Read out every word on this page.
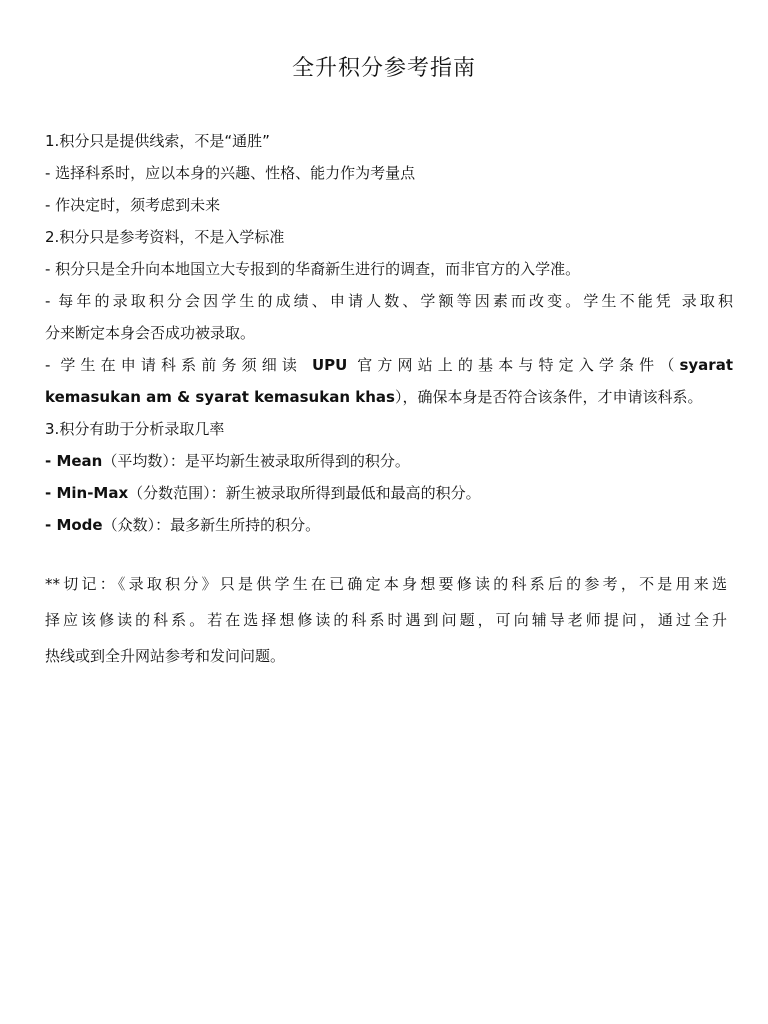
全升积分参考指南
1.积分只是提供线索，不是“通胜”
- 选择科系时，应以本身的兴趣、性格、能力作为考量点
- 作决定时，须考虑到未来
2.积分只是参考资料，不是入学标准
- 积分只是全升向本地国立大专报到的华裔新生进行的调查，而非官方的入学准。
- 每年的录取积分会因学生的成绩、申请人数、学额等因素而改变。学生不能凭 录取积
分来断定本身会否成功被录取。
- 学生在申请科系前务须细读 UPU 官方网站上的基本与特定入学条件（syarat
kemasukan am & syarat kemasukan khas），确保本身是否符合该条件，才申请该科系。
3.积分有助于分析录取几率
- Mean（平均数）：是平均新生被录取所得到的积分。
- Min-Max（分数范围）：新生被录取所得到最低和最高的积分。
- Mode（众数）：最多新生所持的积分。
**切记：《录取积分》只是供学生在已确定本身想要修读的科系后的参考，不是用来选
择应该修读的科系。若在选择想修读的科系时遇到问题，可向辅导老师提问，通过全升
热线或到全升网站参考和发问问题。
